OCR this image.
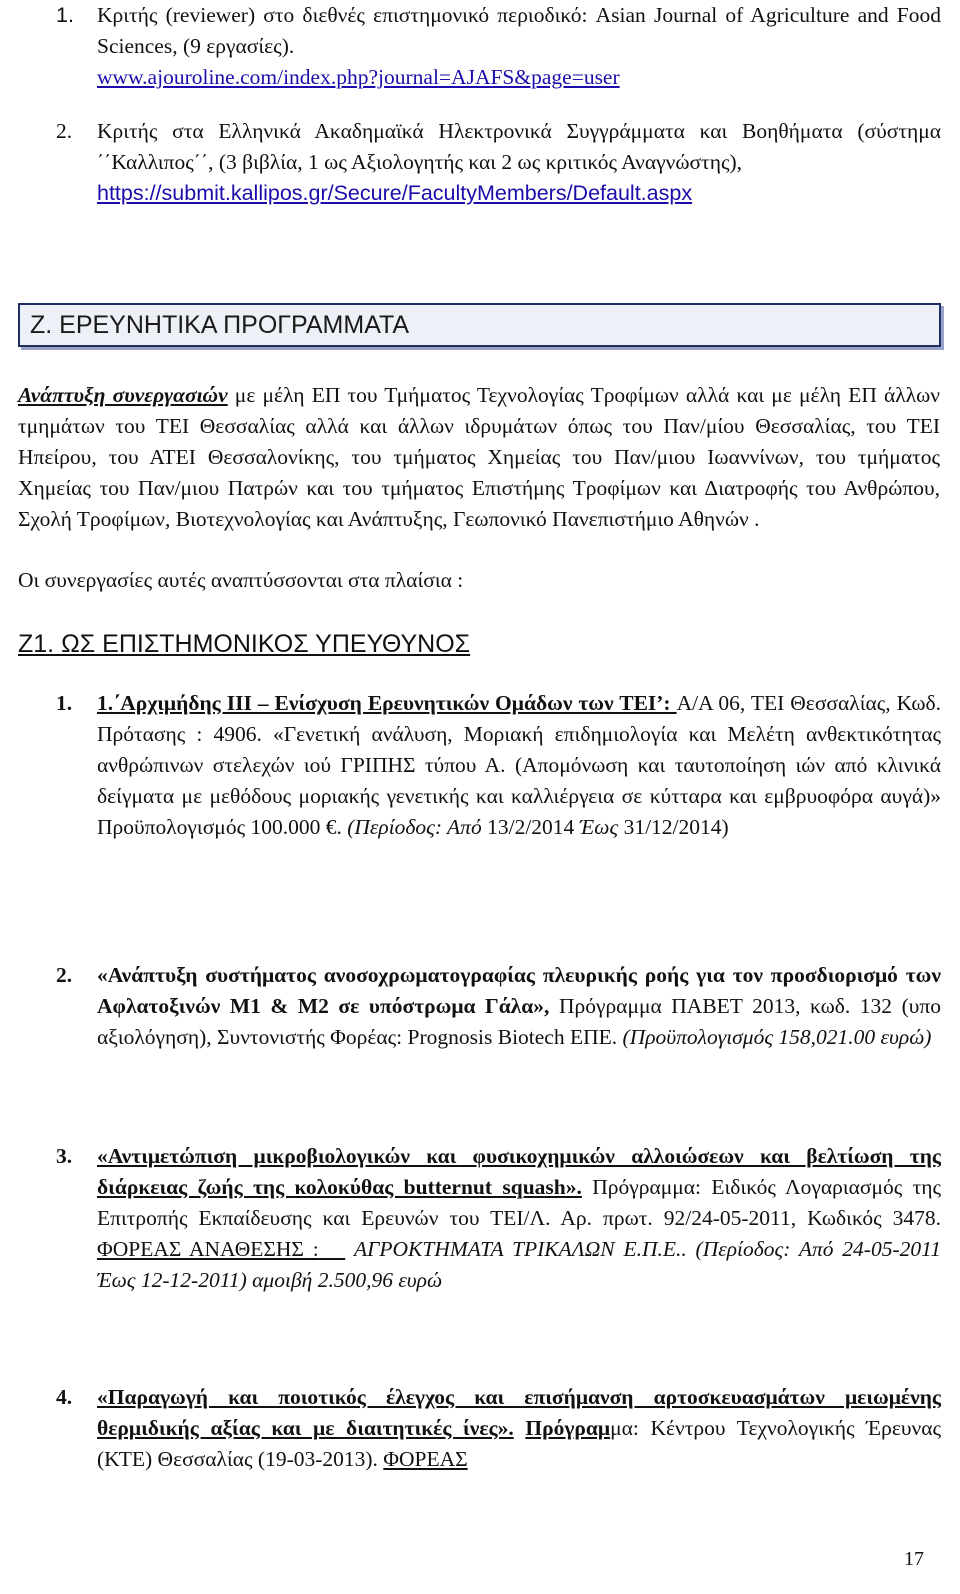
1.	Κριτής (reviewer) στο διεθνές επιστημονικό περιοδικό: Asian Journal of Agriculture and Food Sciences, (9 εργασίες).
www.ajouroline.com/index.php?journal=AJAFS&page=user
2.	Κριτής στα Ελληνικά Ακαδημαϊκά Ηλεκτρονικά Συγγράμματα και Βοηθήματα (σύστημα ΄΄Καλλιπος΄΄, (3 βιβλία, 1 ως Αξιολογητής και 2 ως κριτικός Αναγνώστης),
https://submit.kallipos.gr/Secure/FacultyMembers/Default.aspx
Ζ. ΕΡΕΥΝΗΤΙΚΑ ΠΡΟΓΡΑΜΜΑΤΑ
Ανάπτυξη συνεργασιών με μέλη ΕΠ του Τμήματος Τεχνολογίας Τροφίμων αλλά και με μέλη ΕΠ άλλων τμημάτων του ΤΕΙ Θεσσαλίας αλλά και άλλων ιδρυμάτων όπως του Παν/μίου Θεσσαλίας, του ΤΕΙ Ηπείρου, του ΑΤΕΙ Θεσσαλονίκης, του τμήματος Χημείας του Παν/μιου Ιωαννίνων, του τμήματος Χημείας του Παν/μιου Πατρών και του τμήματος Επιστήμης Τροφίμων και Διατροφής του Ανθρώπου, Σχολή Τροφίμων, Βιοτεχνολογίας και Ανάπτυξης, Γεωπονικό Πανεπιστήμιο Αθηνών .
Οι συνεργασίες αυτές αναπτύσσονται στα πλαίσια :
Ζ1. ΩΣ ΕΠΙΣΤΗΜΟΝΙΚΟΣ ΥΠΕΥΘΥΝΟΣ
1.	1.΄Αρχιμήδης ΙΙΙ – Ενίσχυση Ερευνητικών Ομάδων των ΤΕΙ’: Α/Α 06, ΤΕΙ Θεσσαλίας, Κωδ. Πρότασης : 4906. «Γενετική ανάλυση, Μοριακή επιδημιολογία και Μελέτη ανθεκτικότητας ανθρώπινων στελεχών ιού ΓΡΙΠΗΣ τύπου Α. (Απομόνωση και ταυτοποίηση ιών από κλινικά δείγματα με μεθόδους μοριακής γενετικής και καλλιέργεια σε κύτταρα και εμβρυοφόρα αυγά)» Προϋπολογισμός 100.000 €. (Περίοδος: Από 13/2/2014 Έως 31/12/2014)
2.	«Ανάπτυξη συστήματος ανοσοχρωματογραφίας πλευρικής ροής για τον προσδιορισμό των Αφλατοξινών Μ1 & Μ2 σε υπόστρωμα Γάλα», Πρόγραμμα ΠΑΒΕΤ 2013, κωδ. 132 (υπο αξιολόγηση), Συντονιστής Φορέας: Prognosis Biotech ΕΠΕ. (Προϋπολογισμός 158,021.00 ευρώ)
3.	«Αντιμετώπιση μικροβιολογικών και φυσικοχημικών αλλοιώσεων και βελτίωση της διάρκειας ζωής της κολοκύθας butternut squash». Πρόγραμμα: Ειδικός Λογαριασμός της Επιτροπής Εκπαίδευσης και Ερευνών του ΤΕΙ/Λ. Αρ. πρωτ. 92/24-05-2011, Κωδικός 3478. ΦΟΡΕΑΣ ΑΝΑΘΕΣΗΣ : ΑΓΡΟΚΤΗΜΑΤΑ ΤΡΙΚΑΛΩΝ Ε.Π.Ε.. (Περίοδος: Από 24-05-2011 Έως 12-12-2011) αμοιβή 2.500,96 ευρώ
4.	«Παραγωγή και ποιοτικός έλεγχος και επισήμανση αρτοσκευασμάτων μειωμένης θερμιδικής αξίας και με διαιτητικές ίνες». Πρόγραμμα: Κέντρου Τεχνολογικής Έρευνας (ΚΤΕ) Θεσσαλίας (19-03-2013). ΦΟΡΕΑΣ
17
